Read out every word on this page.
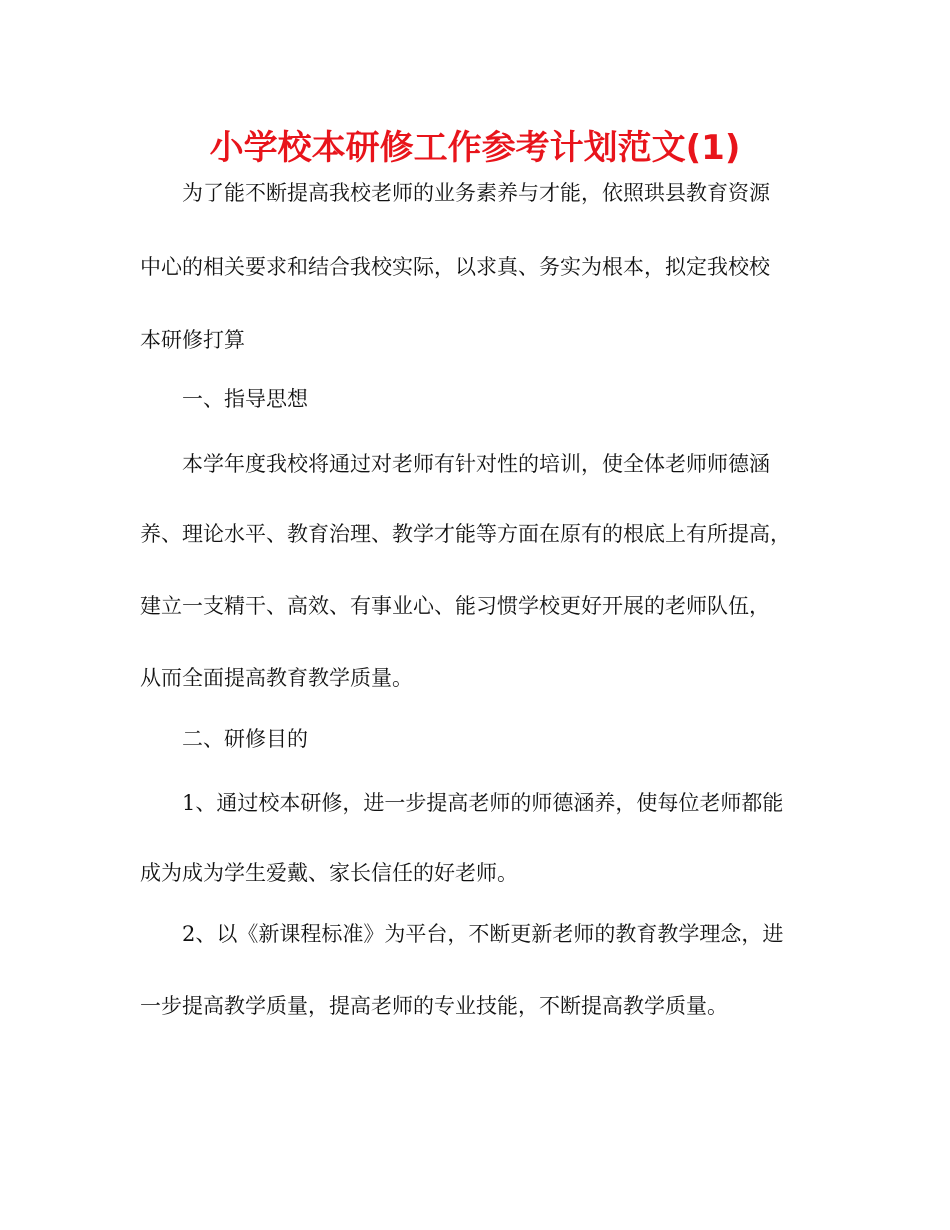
小学校本研修工作参考计划范文(1)
为了能不断提高我校老师的业务素养与才能，依照珙县教育资源
中心的相关要求和结合我校实际，以求真、务实为根本，拟定我校校
本研修打算
一、指导思想
本学年度我校将通过对老师有针对性的培训，使全体老师师德涵
养、理论水平、教育治理、教学才能等方面在原有的根底上有所提高，
建立一支精干、高效、有事业心、能习惯学校更好开展的老师队伍，
从而全面提高教育教学质量。
二、研修目的
1、通过校本研修，进一步提高老师的师德涵养，使每位老师都能
成为成为学生爱戴、家长信任的好老师。
2、以《新课程标准》为平台，不断更新老师的教育教学理念，进
一步提高教学质量，提高老师的专业技能，不断提高教学质量。
